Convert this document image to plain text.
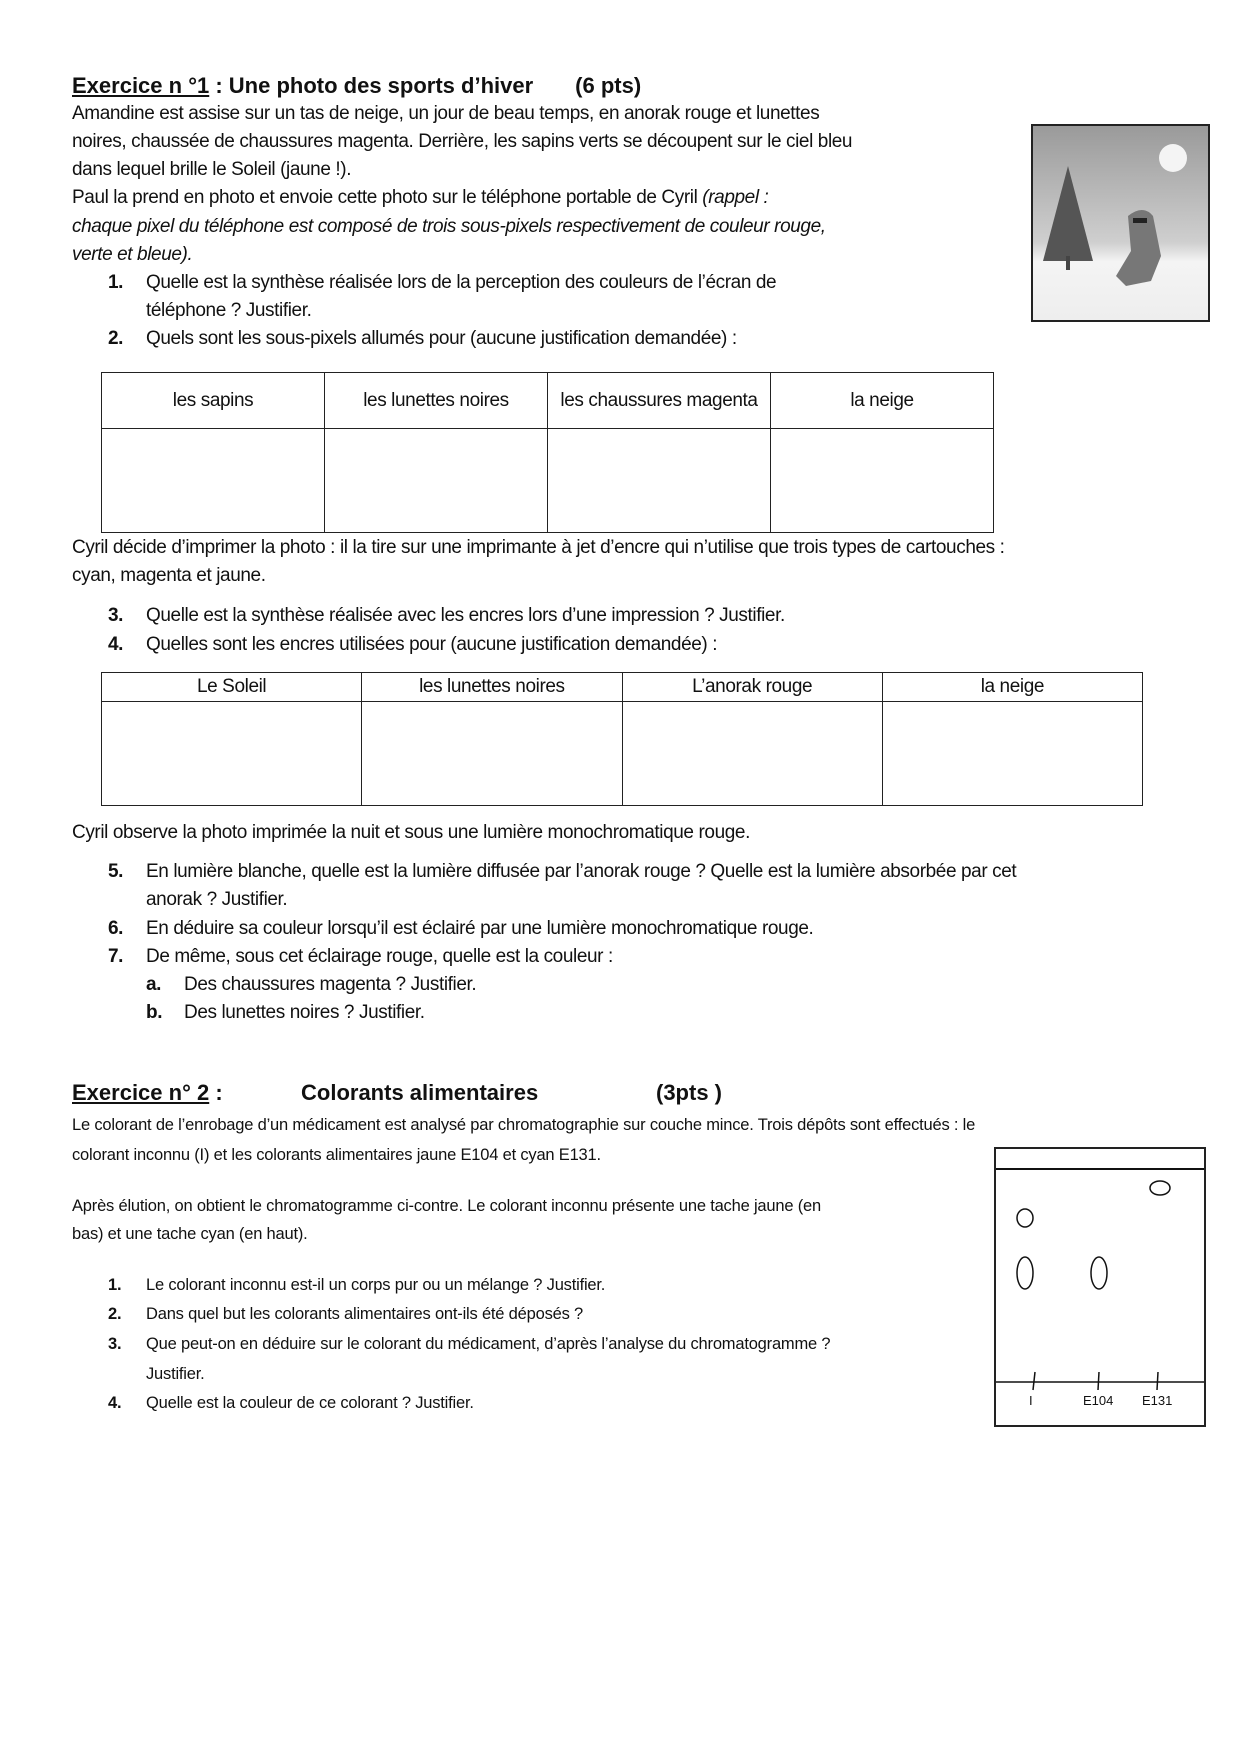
Exercice n °1 : Une photo des sports d’hiver (6 pts)
Amandine est assise sur un tas de neige, un jour de beau temps, en anorak rouge et lunettes
noires, chaussée de chaussures magenta. Derrière, les sapins verts se découpent sur le ciel bleu
dans lequel brille le Soleil (jaune !).
Paul la prend en photo et envoie cette photo sur le téléphone portable de Cyril (rappel :
chaque pixel du téléphone est composé de trois sous-pixels respectivement de couleur rouge,
verte et bleue).
1. Quelle est la synthèse réalisée lors de la perception des couleurs de l’écran de
téléphone ? Justifier.
2. Quels sont les sous-pixels allumés pour (aucune justification demandée) :
les sapins	les lunettes noires	les chaussures magenta	la neige

Cyril décide d’imprimer la photo : il la tire sur une imprimante à jet d’encre qui n’utilise que trois types de cartouches :
cyan, magenta et jaune.
3. Quelle est la synthèse réalisée avec les encres lors d’une impression ? Justifier.
4. Quelles sont les encres utilisées pour (aucune justification demandée) :
Le Soleil	les lunettes noires	L’anorak rouge	la neige

Cyril observe la photo imprimée la nuit et sous une lumière monochromatique rouge.
5. En lumière blanche, quelle est la lumière diffusée par l’anorak rouge ? Quelle est la lumière absorbée par cet
anorak ? Justifier.
6. En déduire sa couleur lorsqu’il est éclairé par une lumière monochromatique rouge.
7. De même, sous cet éclairage rouge, quelle est la couleur :
a. Des chaussures magenta ? Justifier.
b. Des lunettes noires ? Justifier.
Exercice n° 2 :	Colorants alimentaires	(3pts )
Le colorant de l’enrobage d’un médicament est analysé par chromatographie sur couche mince. Trois dépôts sont effectués : le
colorant inconnu (I) et les colorants alimentaires jaune E104 et cyan E131.
Après élution, on obtient le chromatogramme ci-contre. Le colorant inconnu présente une tache jaune (en
bas) et une tache cyan (en haut).
1. Le colorant inconnu est-il un corps pur ou un mélange ? Justifier.
2. Dans quel but les colorants alimentaires ont-ils été déposés ?
3. Que peut-on en déduire sur le colorant du médicament, d’après l’analyse du chromatogramme ?
Justifier.
4. Quelle est la couleur de ce colorant ? Justifier.	I	E104 E131
